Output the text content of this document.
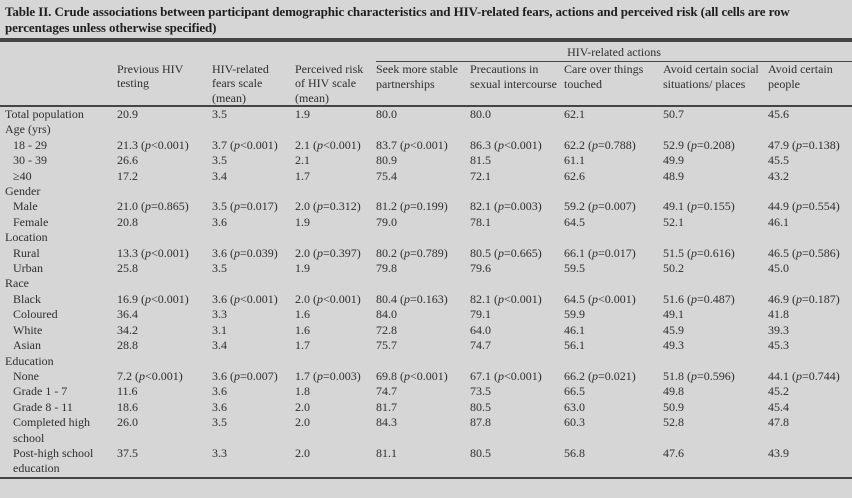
Table II. Crude associations between participant demographic characteristics and HIV-related fears, actions and perceived risk (all cells are row percentages unless otherwise specified)
				HIV-related actions				
	Previous HIV testing	HIV-related fears scale (mean)	Perceived risk of HIV scale (mean)	Seek more stable partnerships	Precautions in sexual intercourse	Care over things touched	Avoid certain social situations/ places	Avoid certain people
Total population	20.9	3.5	1.9	80.0	80.0	62.1	50.7	45.6
Age (yrs)								
18 - 29	21.3 (p<0.001)	3.7 (p<0.001)	2.1 (p<0.001)	83.7 (p<0.001)	86.3 (p<0.001)	62.2 (p=0.788)	52.9 (p=0.208)	47.9 (p=0.138)
30 - 39	26.6	3.5	2.1	80.9	81.5	61.1	49.9	45.5
≥40	17.2	3.4	1.7	75.4	72.1	62.6	48.9	43.2
Gender								
Male	21.0 (p=0.865)	3.5 (p=0.017)	2.0 (p=0.312)	81.2 (p=0.199)	82.1 (p=0.003)	59.2 (p=0.007)	49.1 (p=0.155)	44.9 (p=0.554)
Female	20.8	3.6	1.9	79.0	78.1	64.5	52.1	46.1
Location								
Rural	13.3 (p<0.001)	3.6 (p=0.039)	2.0 (p=0.397)	80.2 (p=0.789)	80.5 (p=0.665)	66.1 (p=0.017)	51.5 (p=0.616)	46.5 (p=0.586)
Urban	25.8	3.5	1.9	79.8	79.6	59.5	50.2	45.0
Race								
Black	16.9 (p<0.001)	3.6 (p<0.001)	2.0 (p<0.001)	80.4 (p=0.163)	82.1 (p<0.001)	64.5 (p<0.001)	51.6 (p=0.487)	46.9 (p=0.187)
Coloured	36.4	3.3	1.6	84.0	79.1	59.9	49.1	41.8
White	34.2	3.1	1.6	72.8	64.0	46.1	45.9	39.3
Asian	28.8	3.4	1.7	75.7	74.7	56.1	49.3	45.3
Education								
None	7.2 (p<0.001)	3.6 (p=0.007)	1.7 (p=0.003)	69.8 (p<0.001)	67.1 (p<0.001)	66.2 (p=0.021)	51.8 (p=0.596)	44.1 (p=0.744)
Grade 1 - 7	11.6	3.6	1.8	74.7	73.5	66.5	49.8	45.2
Grade 8 - 11	18.6	3.6	2.0	81.7	80.5	63.0	50.9	45.4
Completed high school	26.0	3.5	2.0	84.3	87.8	60.3	52.8	47.8
Post-high school education	37.5	3.3	2.0	81.1	80.5	56.8	47.6	43.9
